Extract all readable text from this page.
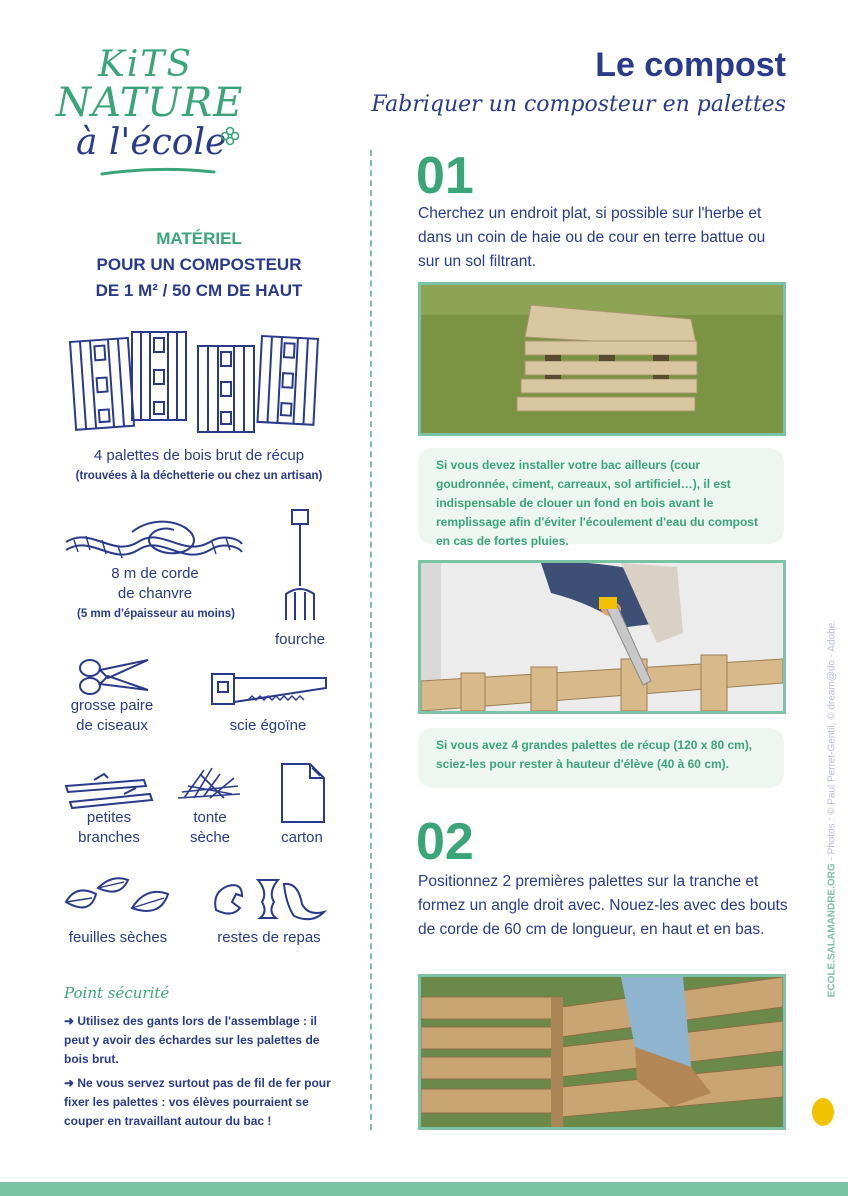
KiTS
NATURE
à l'école
Le compost
Fabriquer un composteur en palettes
MATÉRIEL
POUR UN COMPOSTEUR
DE 1 M² / 50 CM DE HAUT
4 palettes de bois brut de récup
(trouvées à la déchetterie ou chez un artisan)
8 m de corde
de chanvre
(5 mm d'épaisseur au moins)
fourche
grosse paire
de ciseaux	scie égoïne
petites
branches
tonte
sèche	carton
feuilles sèches	restes de repas
Point sécurité
➜ Utilisez des gants lors de l'assemblage : il peut y avoir des échardes sur les palettes de bois brut.
➜ Ne vous servez surtout pas de fil de fer pour fixer les palettes : vos élèves pourraient se couper en travaillant autour du bac !
01
Cherchez un endroit plat, si possible sur l'herbe et dans un coin de haie ou de cour en terre battue ou sur un sol filtrant.
Si vous devez installer votre bac ailleurs (cour goudronnée, ciment, carreaux, sol artificiel…), il est indispensable de clouer un fond en bois avant le remplissage afin d'éviter l'écoulement d'eau du compost en cas de fortes pluies.
Si vous avez 4 grandes palettes de récup (120 x 80 cm), sciez-les pour rester à hauteur d'élève (40 à 60 cm).
02
Positionnez 2 premières palettes sur la tranche et formez un angle droit avec. Nouez-les avec des bouts de corde de 60 cm de longueur, en haut et en bas.	ECOLE.SALAMANDRE.ORG - Photos : © Paul Perret-Gentil, © dream@do - Adobe.
